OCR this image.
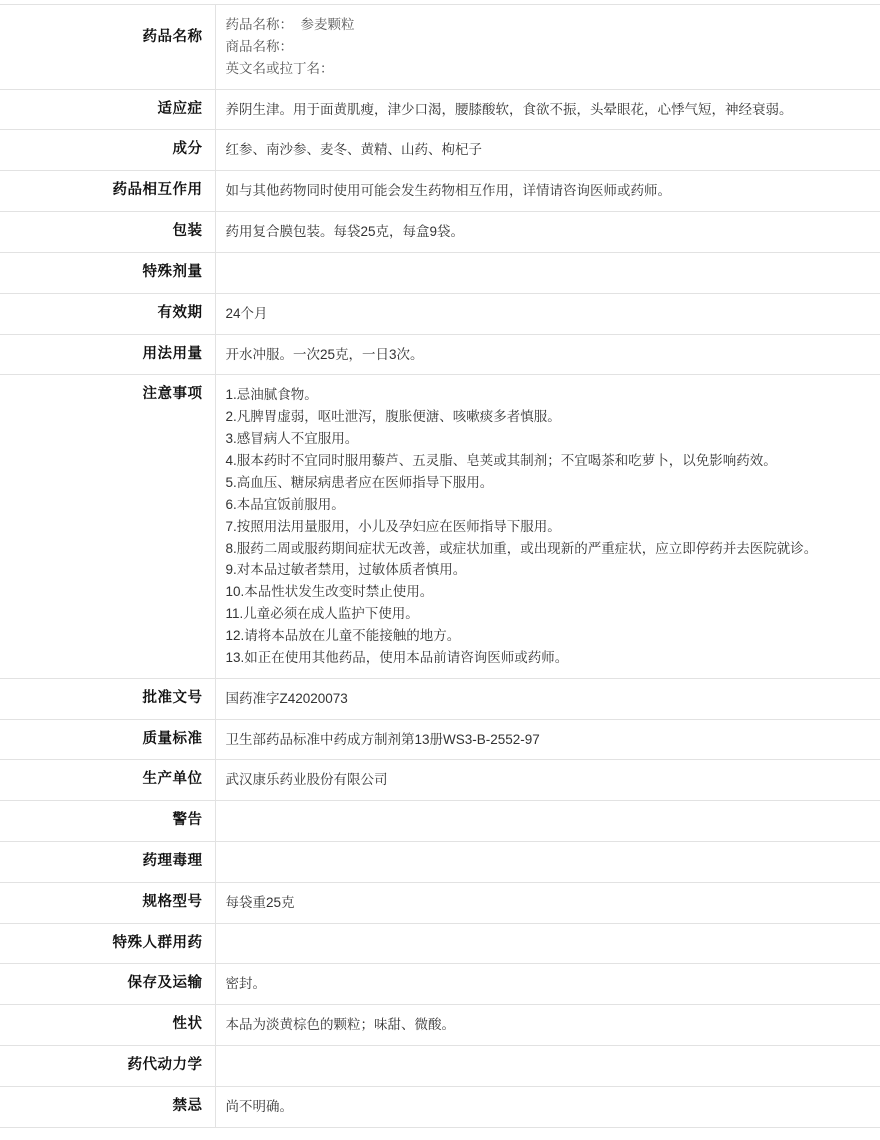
药品名称	药品名称：  参麦颗粒
商品名称：
英文名或拉丁名：

适应症	养阴生津。用于面黄肌瘦，津少口渴，腰膝酸软，食欲不振，头晕眼花，心悸气短，神经衰弱。

成分	红参、南沙参、麦冬、黄精、山药、枸杞子

药品相互作用	如与其他药物同时使用可能会发生药物相互作用，详情请咨询医师或药师。

包装	药用复合膜包装。每袋25克，每盒9袋。

特殊剂量	

有效期	24个月

用法用量	开水冲服。一次25克，一日3次。

注意事项	1.忌油腻食物。
2.凡脾胃虚弱，呕吐泄泻，腹胀便溏、咳嗽痰多者慎服。
3.感冒病人不宜服用。
4.服本药时不宜同时服用藜芦、五灵脂、皂荚或其制剂；不宜喝茶和吃萝卜，以免影响药效。
5.高血压、糖尿病患者应在医师指导下服用。
6.本品宜饭前服用。
7.按照用法用量服用，小儿及孕妇应在医师指导下服用。
8.服药二周或服药期间症状无改善，或症状加重，或出现新的严重症状，应立即停药并去医院就诊。
9.对本品过敏者禁用，过敏体质者慎用。
10.本品性状发生改变时禁止使用。
11.儿童必须在成人监护下使用。
12.请将本品放在儿童不能接触的地方。
13.如正在使用其他药品，使用本品前请咨询医师或药师。

批准文号	国药准字Z42020073

质量标准	卫生部药品标准中药成方制剂第13册WS3-B-2552-97

生产单位	武汉康乐药业股份有限公司

警告	

药理毒理	

规格型号	每袋重25克

特殊人群用药	

保存及运输	密封。

性状	本品为淡黄棕色的颗粒；味甜、微酸。

药代动力学	

禁忌	尚不明确。
